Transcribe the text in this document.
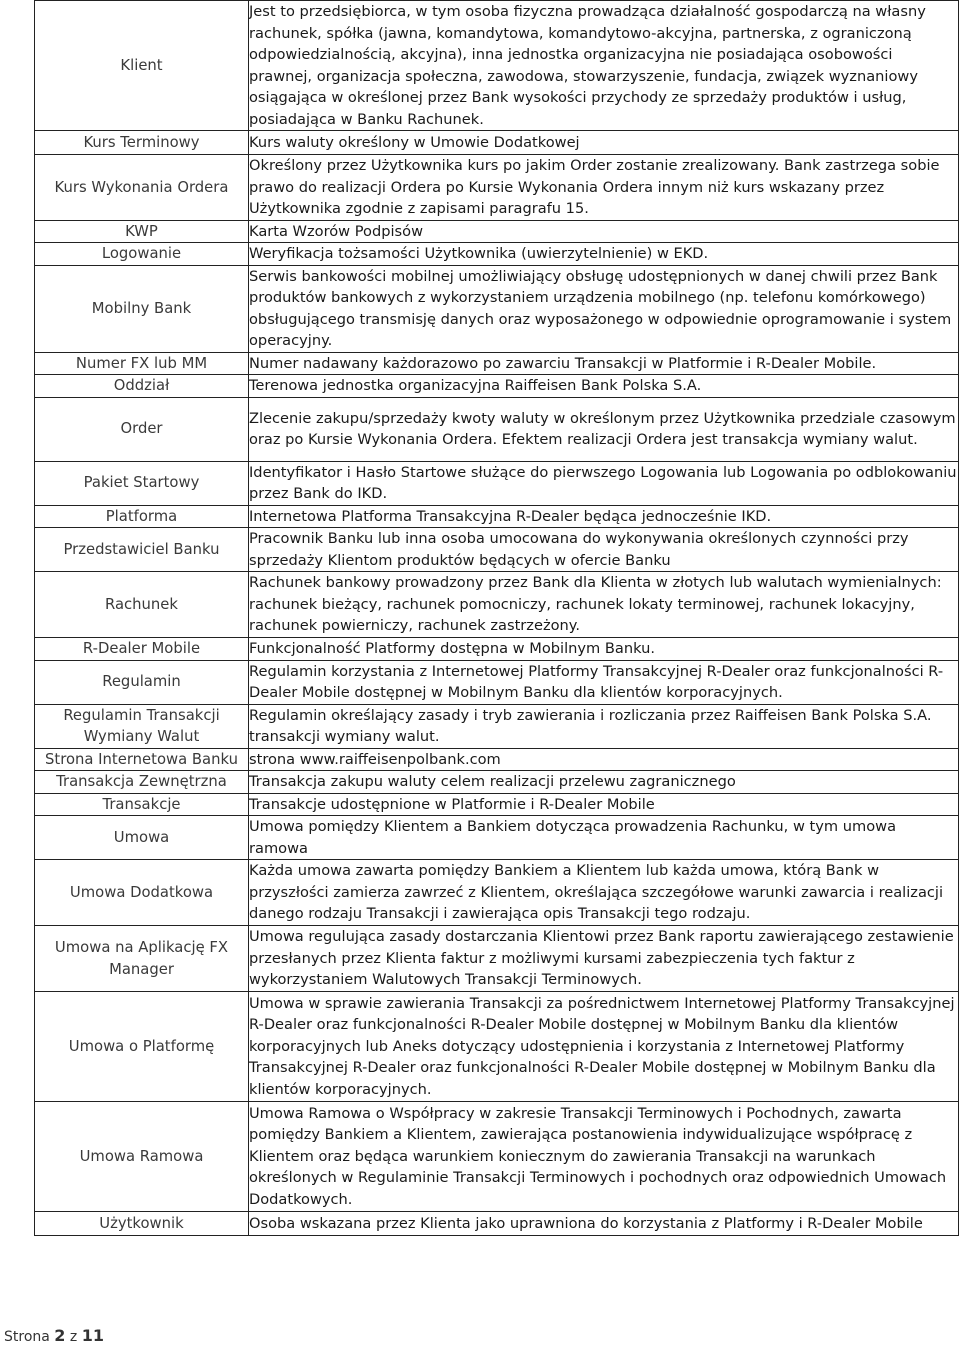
Klient	Jest to przedsiębiorca, w tym osoba fizyczna prowadząca działalność gospodarczą na własny rachunek, spółka (jawna, komandytowa, komandytowo-akcyjna, partnerska, z ograniczoną odpowiedzialnością, akcyjna), inna jednostka organizacyjna nie posiadająca osobowości prawnej, organizacja społeczna, zawodowa, stowarzyszenie, fundacja, związek wyznaniowy osiągająca w określonej przez Bank wysokości przychody ze sprzedaży produktów i usług, posiadająca w Banku Rachunek.
Kurs Terminowy	Kurs waluty określony w Umowie Dodatkowej
Kurs Wykonania Ordera	Określony przez Użytkownika kurs po jakim Order zostanie zrealizowany. Bank zastrzega sobie prawo do realizacji Ordera po Kursie Wykonania Ordera innym niż kurs wskazany przez Użytkownika zgodnie z zapisami paragrafu 15.
KWP	Karta Wzorów Podpisów
Logowanie	Weryfikacja tożsamości Użytkownika (uwierzytelnienie) w EKD.
Mobilny Bank	Serwis bankowości mobilnej umożliwiający obsługę udostępnionych w danej chwili przez Bank produktów bankowych z wykorzystaniem urządzenia mobilnego (np. telefonu komórkowego) obsługującego transmisję danych oraz wyposażonego w odpowiednie oprogramowanie i system operacyjny.
Numer FX lub MM	Numer nadawany każdorazowo po zawarciu Transakcji w Platformie i R-Dealer Mobile.
Oddział	Terenowa jednostka organizacyjna Raiffeisen Bank Polska S.A.
Order	Zlecenie zakupu/sprzedaży kwoty waluty w określonym przez Użytkownika przedziale czasowym oraz po Kursie Wykonania Ordera. Efektem realizacji Ordera jest transakcja wymiany walut.
Pakiet Startowy	Identyfikator i Hasło Startowe służące do pierwszego Logowania lub Logowania po odblokowaniu przez Bank do IKD.
Platforma	Internetowa Platforma Transakcyjna R-Dealer będąca jednocześnie IKD.
Przedstawiciel Banku	Pracownik Banku lub inna osoba umocowana do wykonywania określonych czynności przy sprzedaży Klientom produktów będących w ofercie Banku
Rachunek	Rachunek bankowy prowadzony przez Bank dla Klienta w złotych lub walutach wymienialnych: rachunek bieżący, rachunek pomocniczy, rachunek lokaty terminowej, rachunek lokacyjny, rachunek powierniczy, rachunek zastrzeżony.
R-Dealer Mobile	Funkcjonalność Platformy dostępna w Mobilnym Banku.
Regulamin	Regulamin korzystania z Internetowej Platformy Transakcyjnej R-Dealer oraz funkcjonalności R-Dealer Mobile dostępnej w Mobilnym Banku dla klientów korporacyjnych.
Regulamin Transakcji Wymiany Walut	Regulamin określający zasady i tryb zawierania i rozliczania przez Raiffeisen Bank Polska S.A. transakcji wymiany walut.
Strona Internetowa Banku	strona www.raiffeisenpolbank.com
Transakcja Zewnętrzna	Transakcja zakupu waluty celem realizacji przelewu zagranicznego
Transakcje	Transakcje udostępnione w Platformie i R-Dealer Mobile
Umowa	Umowa pomiędzy Klientem a Bankiem dotycząca prowadzenia Rachunku, w tym umowa ramowa
Umowa Dodatkowa	Każda umowa zawarta pomiędzy Bankiem a Klientem lub każda umowa, którą Bank w przyszłości zamierza zawrzeć z Klientem, określająca szczegółowe warunki zawarcia i realizacji danego rodzaju Transakcji i zawierająca opis Transakcji tego rodzaju.
Umowa na Aplikację FX Manager	Umowa regulująca zasady dostarczania Klientowi przez Bank raportu zawierającego zestawienie przesłanych przez Klienta faktur z możliwymi kursami zabezpieczenia tych faktur z wykorzystaniem Walutowych Transakcji Terminowych.
Umowa o Platformę	Umowa w sprawie zawierania Transakcji za pośrednictwem Internetowej Platformy Transakcyjnej R-Dealer oraz funkcjonalności R-Dealer Mobile dostępnej w Mobilnym Banku dla klientów korporacyjnych lub Aneks dotyczący udostępnienia i korzystania z Internetowej Platformy Transakcyjnej R-Dealer oraz funkcjonalności R-Dealer Mobile dostępnej w Mobilnym Banku dla klientów korporacyjnych.
Umowa Ramowa	Umowa Ramowa o Współpracy w zakresie Transakcji Terminowych i Pochodnych, zawarta pomiędzy Bankiem a Klientem, zawierająca postanowienia indywidualizujące współpracę z Klientem oraz będąca warunkiem koniecznym do zawierania Transakcji na warunkach określonych w Regulaminie Transakcji Terminowych i pochodnych oraz odpowiednich Umowach Dodatkowych.
Użytkownik	Osoba wskazana przez Klienta jako uprawniona do korzystania z Platformy i R-Dealer Mobile
Strona 2 z 11
